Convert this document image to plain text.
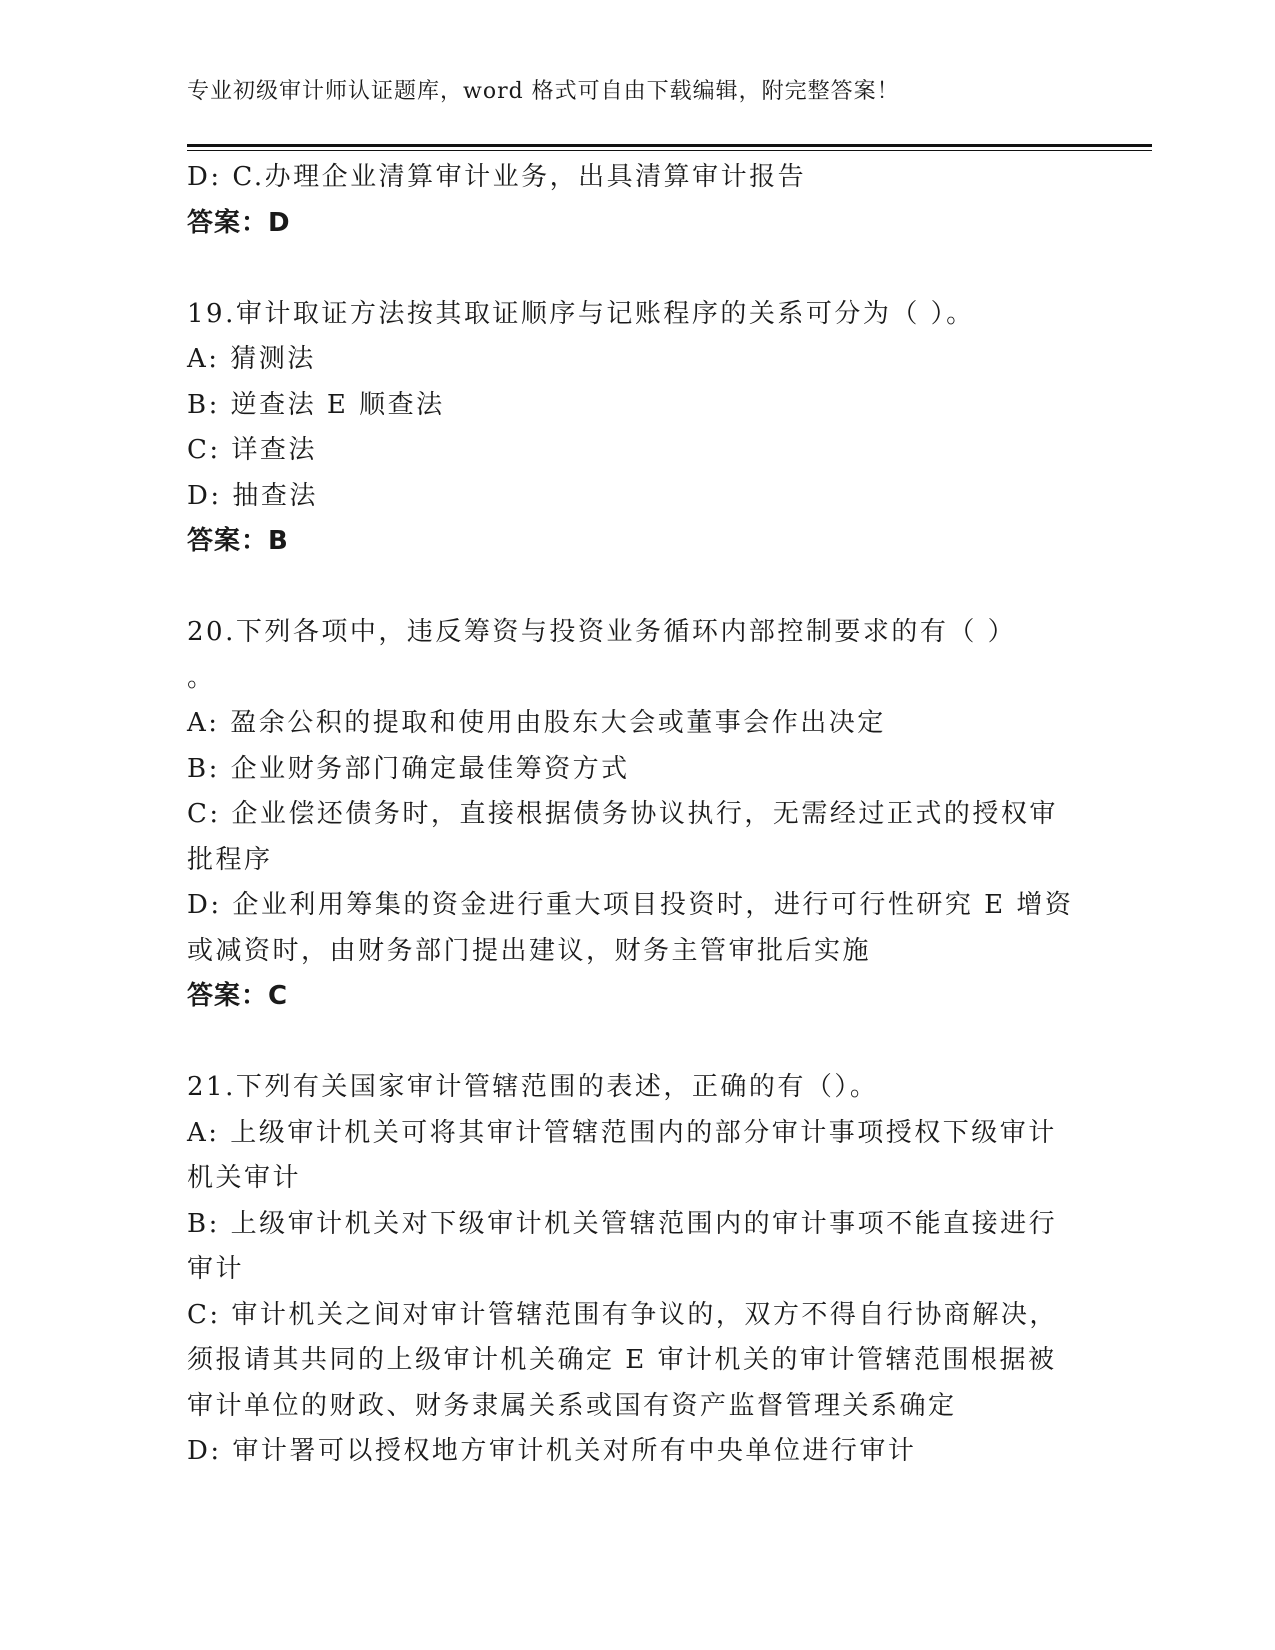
专业初级审计师认证题库，word 格式可自由下载编辑，附完整答案！
D: C.办理企业清算审计业务，出具清算审计报告
答案：D
19.审计取证方法按其取证顺序与记账程序的关系可分为（ ）。
A: 猜测法
B: 逆查法 E 顺查法
C: 详查法
D: 抽查法
答案：B
20.下列各项中，违反筹资与投资业务循环内部控制要求的有（ ）
。
A: 盈余公积的提取和使用由股东大会或董事会作出决定
B: 企业财务部门确定最佳筹资方式
C: 企业偿还债务时，直接根据债务协议执行，无需经过正式的授权审
批程序
D: 企业利用筹集的资金进行重大项目投资时，进行可行性研究 E 增资
或减资时，由财务部门提出建议，财务主管审批后实施
答案：C
21.下列有关国家审计管辖范围的表述，正确的有（）。
A: 上级审计机关可将其审计管辖范围内的部分审计事项授权下级审计
机关审计
B: 上级审计机关对下级审计机关管辖范围内的审计事项不能直接进行
审计
C: 审计机关之间对审计管辖范围有争议的，双方不得自行协商解决，
须报请其共同的上级审计机关确定 E 审计机关的审计管辖范围根据被
审计单位的财政、财务隶属关系或国有资产监督管理关系确定
D: 审计署可以授权地方审计机关对所有中央单位进行审计
